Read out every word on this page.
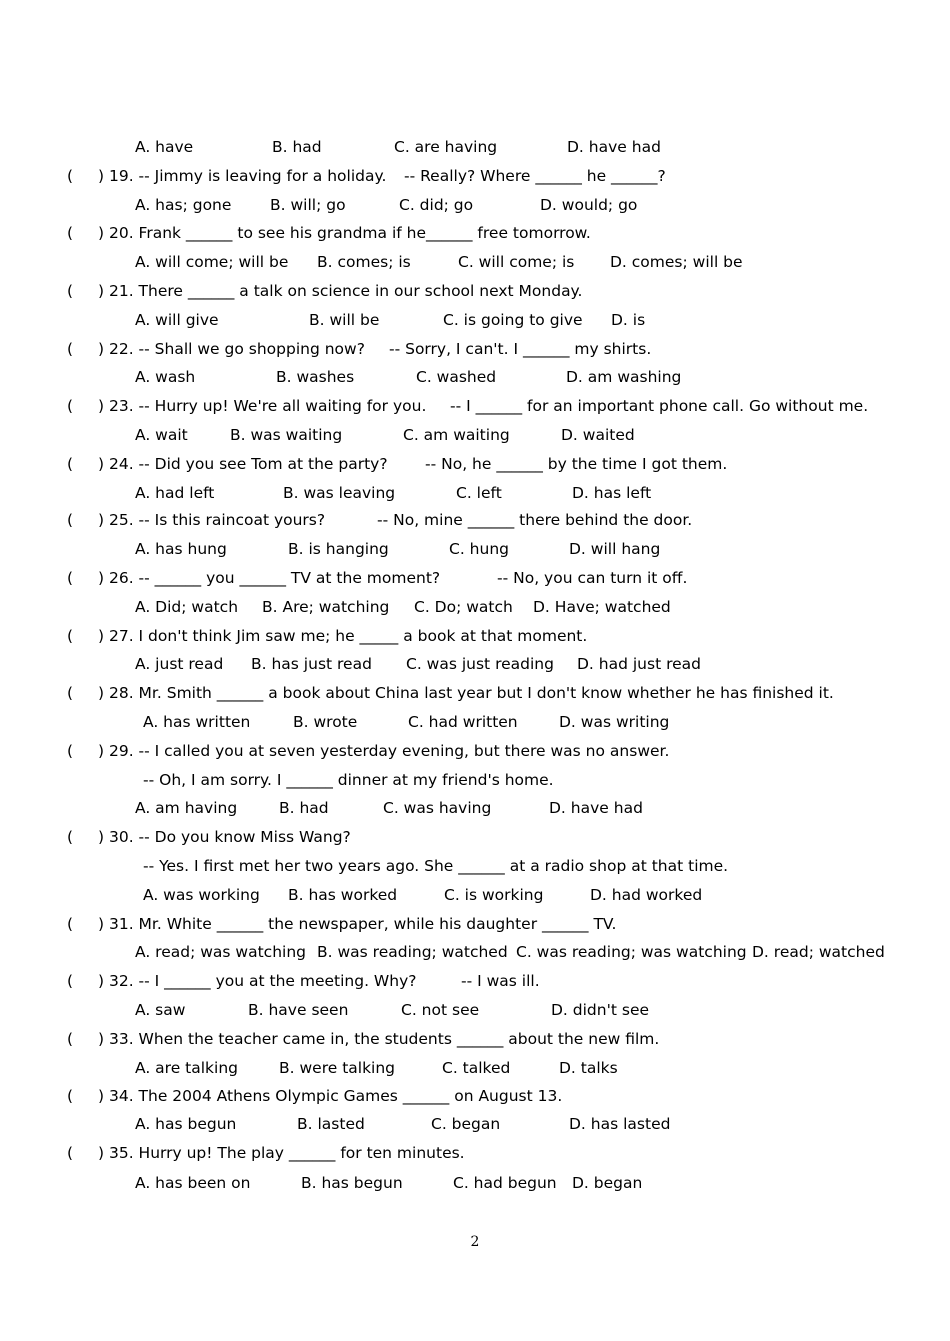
A. have

	B. had

	C. are having

	D. have had

( ) 19. -- Jimmy is leaving for a holiday. -- Really? Where ______ he ______?
A. has; gone B. will; go	C. did; go	D. would; go
( ) 20. Frank ______ to see his grandma if he______ free tomorrow.
A. will come; will be B. comes; is	C. will come; is D. comes; will be
( ) 21. There ______ a talk on science in our school next Monday.
A. will give	B. will be	C. is going to give D. is
( ) 22. -- Shall we go shopping now? -- Sorry, I can't. I ______ my shirts.
A. wash	B. washes	C. washed	D. am washing
( ) 23. -- Hurry up! We're all waiting for you. -- I ______ for an important phone call. Go without me.
A. wait	B. was waiting	C. am waiting	D. waited
( ) 24. -- Did you see Tom at the party? -- No, he ______ by the time I got them.
A. had left	B. was leaving	C. left	D. has left
( ) 25. -- Is this raincoat yours?	-- No, mine ______ there behind the door.
A. has hung	B. is hanging	C. hung	D. will hang
( ) 26. -- ______ you ______ TV at the moment?	-- No, you can turn it off.
A. Did; watch B. Are; watching C. Do; watch D. Have; watched
( ) 27. I don't think Jim saw me; he _____ a book at that moment.
A. just read B. has just read C. was just reading D. had just read
( ) 28. Mr. Smith ______ a book about China last year but I don't know whether he has finished it.
A. has written	B. wrote	C. had written	D. was writing
( ) 29. -- I called you at seven yesterday evening, but there was no answer.
-- Oh, I am sorry. I ______ dinner at my friend's home.
A. am having	B. had	C. was having	D. have had
( ) 30. -- Do you know Miss Wang?
-- Yes. I first met her two years ago. She ______ at a radio shop at that time.
A. was working B. has worked	C. is working	D. had worked
( ) 31. Mr. White ______ the newspaper, while his daughter ______ TV.
A. read; was watching B. was reading; watched C. was reading; was watching D. read; watched
( ) 32. -- I ______ you at the meeting. Why?	-- I was ill.
A. saw	B. have seen	C. not see	D. didn't see
( ) 33. When the teacher came in, the students ______ about the new film.
A. are talking	B. were talking	C. talked	D. talks
( ) 34. The 2004 Athens Olympic Games ______ on August 13.
A. has begun	B. lasted	C. began	D. has lasted
( ) 35. Hurry up! The play ______ for ten minutes.
A. has been on	B. has begun	C. had begun D. began
2
